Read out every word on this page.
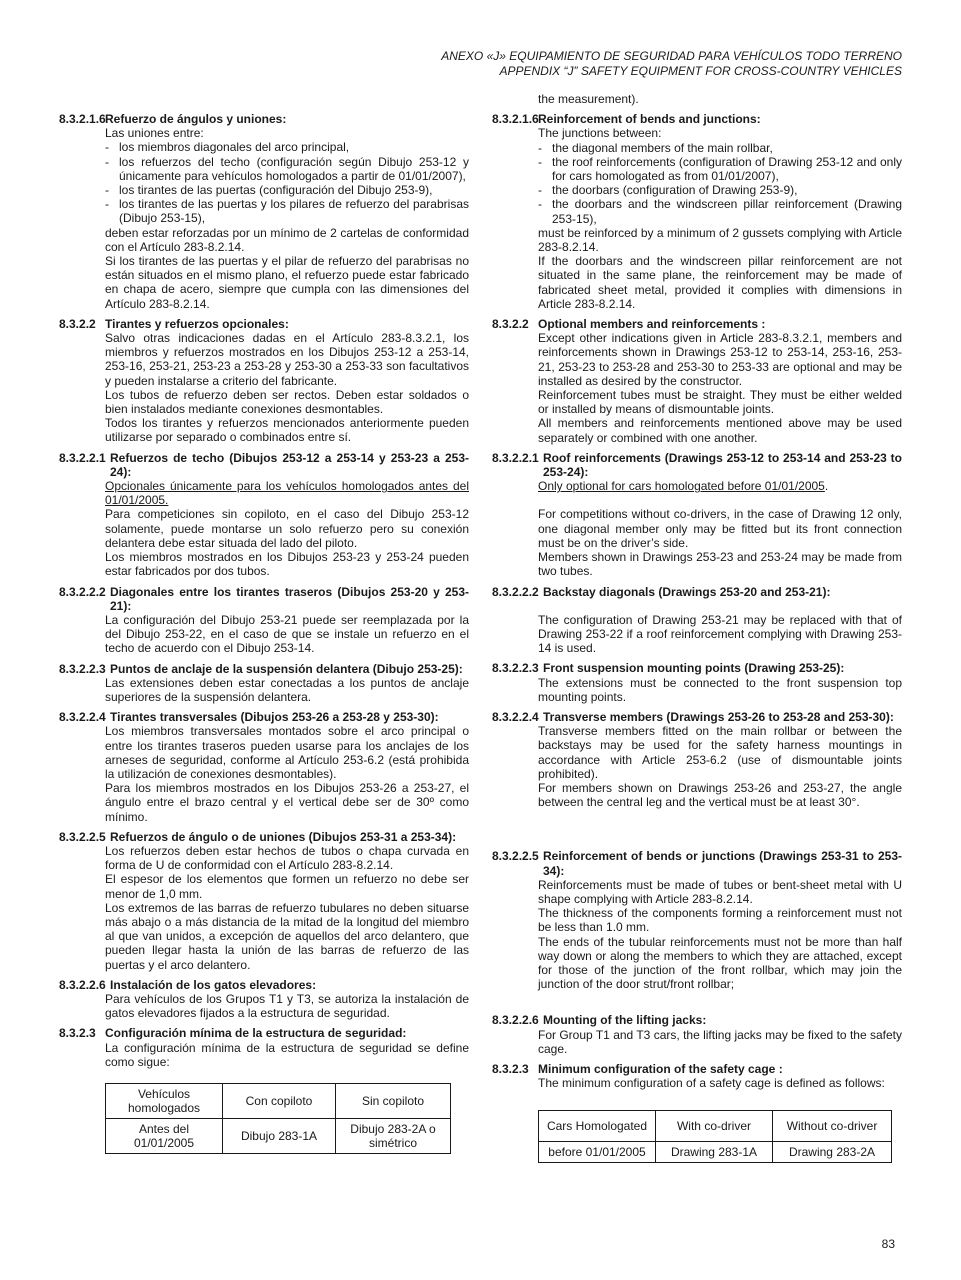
ANEXO «J» EQUIPAMIENTO DE SEGURIDAD PARA VEHÍCULOS TODO TERRENO
APPENDIX “J” SAFETY EQUIPMENT FOR CROSS-COUNTRY VEHICLES
8.3.2.1.6 Refuerzo de ángulos y uniones:

Las uniones entre:

- los miembros diagonales del arco principal,
- los refuerzos del techo (configuración según Dibujo 253-12 y únicamente para vehículos homologados a partir de 01/01/2007),
- los tirantes de las puertas (configuración del Dibujo 253-9),
- los tirantes de las puertas y los pilares de refuerzo del parabrisas (Dibujo 253-15),

deben estar reforzadas por un mínimo de 2 cartelas de conformidad con el Artículo 283-8.2.14.

Si los tirantes de las puertas y el pilar de refuerzo del parabrisas no están situados en el mismo plano, el refuerzo puede estar fabricado en chapa de acero, siempre que cumpla con las dimensiones del Artículo 283-8.2.14.

8.3.2.2 Tirantes y refuerzos opcionales:

Salvo otras indicaciones dadas en el Artículo 283-8.3.2.1, los miembros y refuerzos mostrados en los Dibujos 253-12 a 253-14, 253-16, 253-21, 253-23 a 253-28 y 253-30 a 253-33 son facultativos y pueden instalarse a criterio del fabricante.

Los tubos de refuerzo deben ser rectos. Deben estar soldados o bien instalados mediante conexiones desmontables.

Todos los tirantes y refuerzos mencionados anteriormente pueden utilizarse por separado o combinados entre sí.

8.3.2.2.1 Refuerzos de techo (Dibujos 253-12 a 253-14 y 253-23 a 253-24):

Opcionales únicamente para los vehículos homologados antes del 01/01/2005.

Para competiciones sin copiloto, en el caso del Dibujo 253-12 solamente, puede montarse un solo refuerzo pero su conexión delantera debe estar situada del lado del piloto.

Los miembros mostrados en los Dibujos 253-23 y 253-24 pueden estar fabricados por dos tubos.

8.3.2.2.2 Diagonales entre los tirantes traseros (Dibujos 253-20 y 253-21):

La configuración del Dibujo 253-21 puede ser reemplazada por la del Dibujo 253-22, en el caso de que se instale un refuerzo en el techo de acuerdo con el Dibujo 253-14.

8.3.2.2.3 Puntos de anclaje de la suspensión delantera (Dibujo 253-25):

Las extensiones deben estar conectadas a los puntos de anclaje superiores de la suspensión delantera.

8.3.2.2.4 Tirantes transversales (Dibujos 253-26 a 253-28 y 253-30):

Los miembros transversales montados sobre el arco principal o entre los tirantes traseros pueden usarse para los anclajes de los arneses de seguridad, conforme al Artículo 253-6.2 (está prohibida la utilización de conexiones desmontables).

Para los miembros mostrados en los Dibujos 253-26 a 253-27, el ángulo entre el brazo central y el vertical debe ser de 30º como mínimo.

8.3.2.2.5 Refuerzos de ángulo o de uniones (Dibujos 253-31 a 253-34):

Los refuerzos deben estar hechos de tubos o chapa curvada en forma de U de conformidad con el Artículo 283-8.2.14.

El espesor de los elementos que formen un refuerzo no debe ser menor de 1,0 mm.

Los extremos de las barras de refuerzo tubulares no deben situarse más abajo o a más distancia de la mitad de la longitud del miembro al que van unidos, a excepción de aquellos del arco delantero, que pueden llegar hasta la unión de las barras de refuerzo de las puertas y el arco delantero.

8.3.2.2.6 Instalación de los gatos elevadores:

Para vehículos de los Grupos T1 y T3, se autoriza la instalación de gatos elevadores fijados a la estructura de seguridad.

8.3.2.3 Configuración mínima de la estructura de seguridad:

La configuración mínima de la estructura de seguridad se define como sigue:

Vehículos homologados	Con copiloto	Sin copiloto
Antes del 01/01/2005	Dibujo 283-1A	Dibujo 283-2A o simétrico

the measurement).

8.3.2.1.6 Reinforcement of bends and junctions:

The junctions between:

- the diagonal members of the main rollbar,
- the roof reinforcements (configuration of Drawing 253-12 and only for cars homologated as from 01/01/2007),
- the doorbars (configuration of Drawing 253-9),
- the doorbars and the windscreen pillar reinforcement (Drawing 253-15),

must be reinforced by a minimum of 2 gussets complying with Article 283-8.2.14.

If the doorbars and the windscreen pillar reinforcement are not situated in the same plane, the reinforcement may be made of fabricated sheet metal, provided it complies with dimensions in Article 283-8.2.14.

8.3.2.2 Optional members and reinforcements :

Except other indications given in Article 283-8.3.2.1, members and reinforcements shown in Drawings 253-12 to 253-14, 253-16, 253-21, 253-23 to 253-28 and 253-30 to 253-33 are optional and may be installed as desired by the constructor.

Reinforcement tubes must be straight. They must be either welded or installed by means of dismountable joints.

All members and reinforcements mentioned above may be used separately or combined with one another.

8.3.2.2.1 Roof reinforcements (Drawings 253-12 to 253-14 and 253-23 to 253-24):

Only optional for cars homologated before 01/01/2005.

For competitions without co-drivers, in the case of Drawing 12 only, one diagonal member only may be fitted but its front connection must be on the driver’s side.

Members shown in Drawings 253-23 and 253-24 may be made from two tubes.

8.3.2.2.2 Backstay diagonals (Drawings 253-20 and 253-21):

The configuration of Drawing 253-21 may be replaced with that of Drawing 253-22 if a roof reinforcement complying with Drawing 253-14 is used.

8.3.2.2.3 Front suspension mounting points (Drawing 253-25):

The extensions must be connected to the front suspension top mounting points.

8.3.2.2.4 Transverse members (Drawings 253-26 to 253-28 and 253-30):

Transverse members fitted on the main rollbar or between the backstays may be used for the safety harness mountings in accordance with Article 253-6.2 (use of dismountable joints prohibited).

For members shown on Drawings 253-26 and 253-27, the angle between the central leg and the vertical must be at least 30°.

8.3.2.2.5 Reinforcement of bends or junctions (Drawings 253-31 to 253-34):

Reinforcements must be made of tubes or bent-sheet metal with U shape complying with Article 283-8.2.14.

The thickness of the components forming a reinforcement must not be less than 1.0 mm.

The ends of the tubular reinforcements must not be more than half way down or along the members to which they are attached, except for those of the junction of the front rollbar, which may join the junction of the door strut/front rollbar;

8.3.2.2.6 Mounting of the lifting jacks:

For Group T1 and T3 cars, the lifting jacks may be fixed to the safety cage.

8.3.2.3 Minimum configuration of the safety cage :

The minimum configuration of a safety cage is defined as follows:

Cars Homologated	With co-driver	Without co-driver
before 01/01/2005	Drawing 283-1A	Drawing 283-2A
83
